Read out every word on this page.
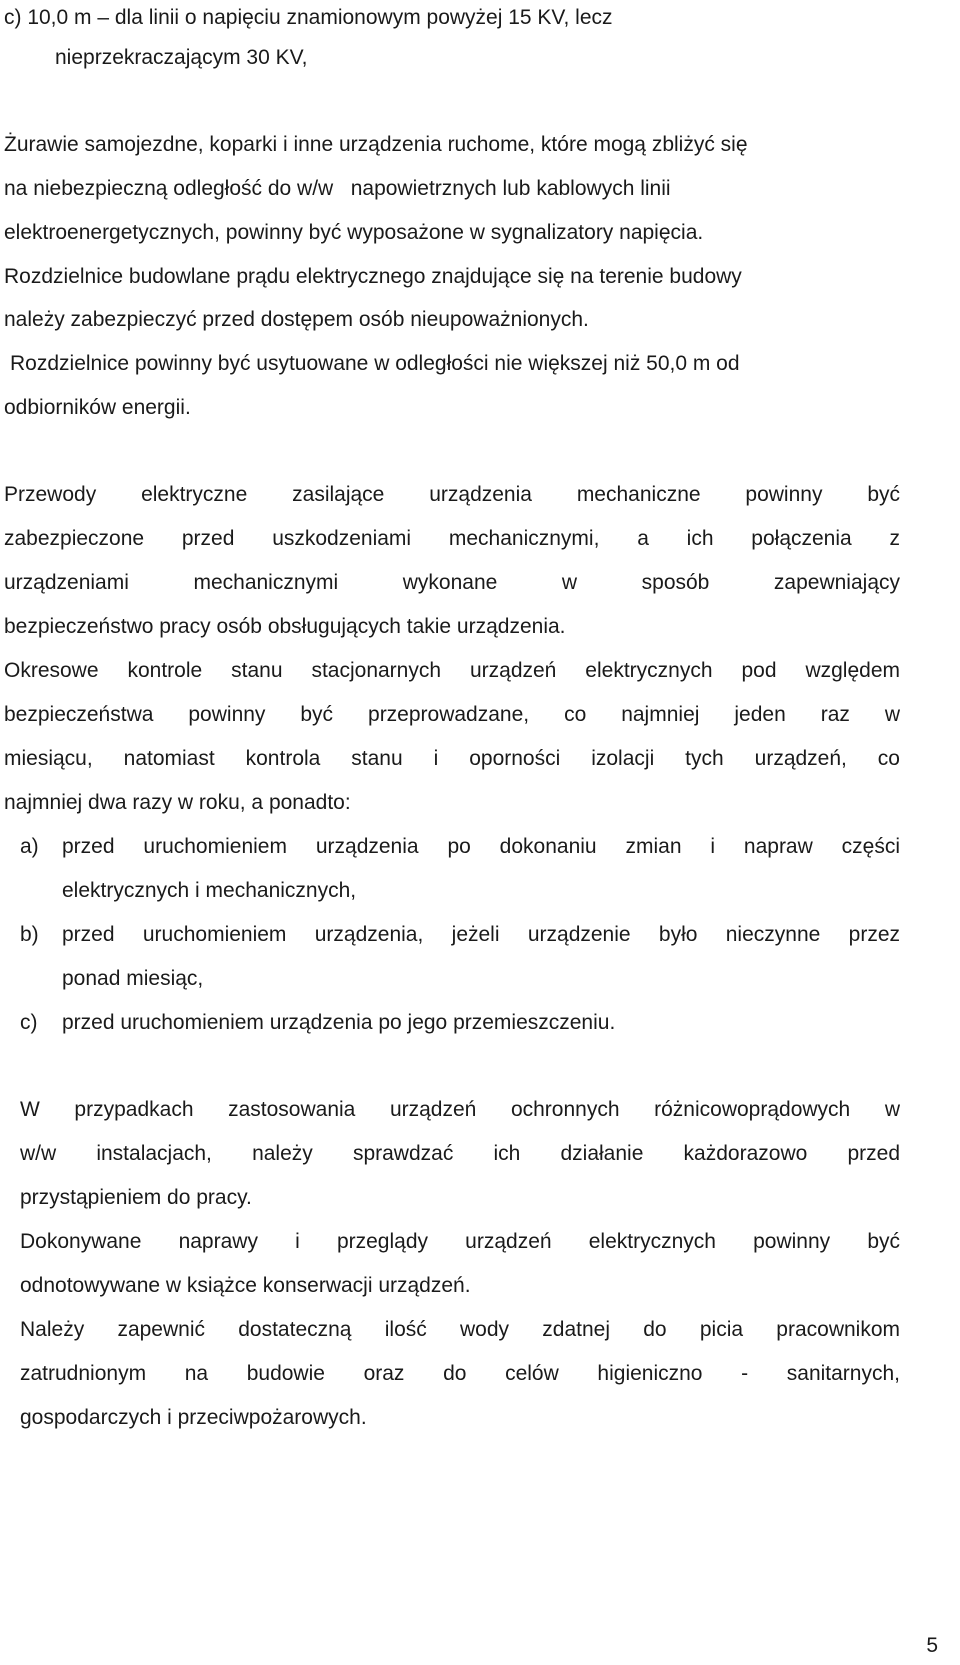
c) 10,0 m – dla linii o napięciu znamionowym powyżej 15 KV, lecz
nieprzekraczającym 30 KV,
Żurawie samojezdne, koparki i inne urządzenia ruchome, które mogą zbliżyć się
na niebezpieczną odległość do w/w   napowietrznych lub kablowych linii
elektroenergetycznych, powinny być wyposażone w sygnalizatory napięcia.
Rozdzielnice budowlane prądu elektrycznego znajdujące się na terenie budowy
należy zabezpieczyć przed dostępem osób nieupoważnionych.
Rozdzielnice powinny być usytuowane w odległości nie większej niż 50,0 m od
odbiorników energii.
Przewody elektryczne zasilające urządzenia mechaniczne powinny być
zabezpieczone przed uszkodzeniami mechanicznymi, a ich połączenia z
urządzeniami mechanicznymi wykonane w sposób zapewniający
bezpieczeństwo pracy osób obsługujących takie urządzenia.
Okresowe kontrole stanu stacjonarnych urządzeń elektrycznych pod względem
bezpieczeństwa powinny być przeprowadzane, co najmniej jeden raz w
miesiącu, natomiast kontrola stanu i oporności izolacji tych urządzeń, co
najmniej dwa razy w roku, a ponadto:
a)	przed uruchomieniem urządzenia po dokonaniu zmian i napraw części
elektrycznych i mechanicznych,
b)	przed uruchomieniem urządzenia, jeżeli urządzenie było nieczynne przez
ponad miesiąc,
c)	przed uruchomieniem urządzenia po jego przemieszczeniu.
W przypadkach zastosowania urządzeń ochronnych różnicowoprądowych w
w/w instalacjach, należy sprawdzać ich działanie każdorazowo przed
przystąpieniem do pracy.
Dokonywane naprawy i przeglądy urządzeń elektrycznych powinny być
odnotowywane w książce konserwacji urządzeń.
Należy zapewnić dostateczną ilość wody zdatnej do picia pracownikom
zatrudnionym na budowie oraz do celów higieniczno - sanitarnych,
gospodarczych i przeciwpożarowych.
5
